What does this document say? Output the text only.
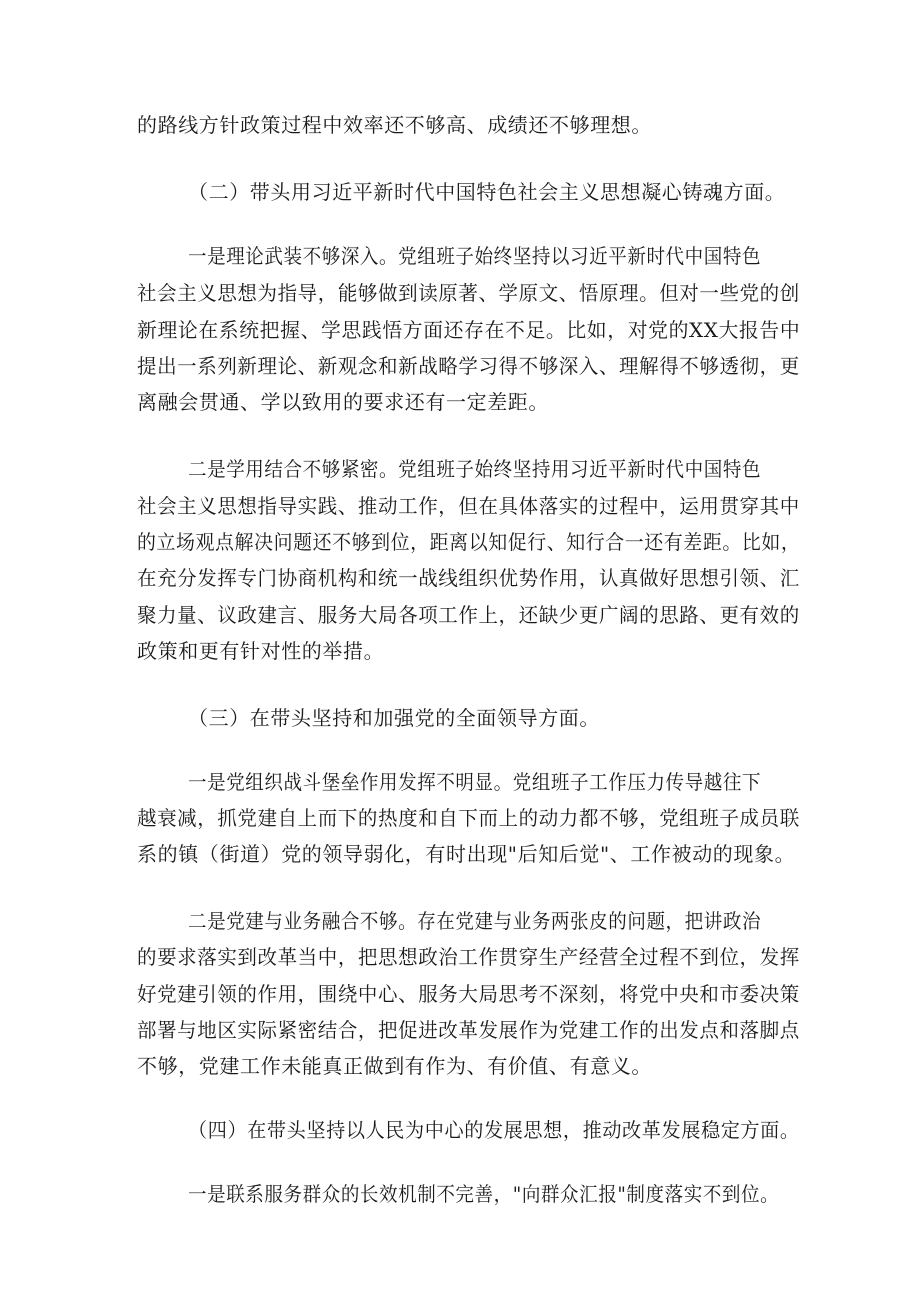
的路线方针政策过程中效率还不够高、成绩还不够理想。
（二）带头用习近平新时代中国特色社会主义思想凝心铸魂方面。
一是理论武装不够深入。党组班子始终坚持以习近平新时代中国特色
社会主义思想为指导，能够做到读原著、学原文、悟原理。但对一些党的创
新理论在系统把握、学思践悟方面还存在不足。比如，对党的XX大报告中
提出一系列新理论、新观念和新战略学习得不够深入、理解得不够透彻，更
离融会贯通、学以致用的要求还有一定差距。
二是学用结合不够紧密。党组班子始终坚持用习近平新时代中国特色
社会主义思想指导实践、推动工作，但在具体落实的过程中，运用贯穿其中
的立场观点解决问题还不够到位，距离以知促行、知行合一还有差距。比如，
在充分发挥专门协商机构和统一战线组织优势作用，认真做好思想引领、汇
聚力量、议政建言、服务大局各项工作上，还缺少更广阔的思路、更有效的
政策和更有针对性的举措。
（三）在带头坚持和加强党的全面领导方面。
一是党组织战斗堡垒作用发挥不明显。党组班子工作压力传导越往下
越衰减，抓党建自上而下的热度和自下而上的动力都不够，党组班子成员联
系的镇（街道）党的领导弱化，有时出现"后知后觉"、工作被动的现象。
二是党建与业务融合不够。存在党建与业务两张皮的问题，把讲政治
的要求落实到改革当中，把思想政治工作贯穿生产经营全过程不到位，发挥
好党建引领的作用，围绕中心、服务大局思考不深刻，将党中央和市委决策
部署与地区实际紧密结合，把促进改革发展作为党建工作的出发点和落脚点
不够，党建工作未能真正做到有作为、有价值、有意义。
（四）在带头坚持以人民为中心的发展思想，推动改革发展稳定方面。
一是联系服务群众的长效机制不完善，"向群众汇报"制度落实不到位。
